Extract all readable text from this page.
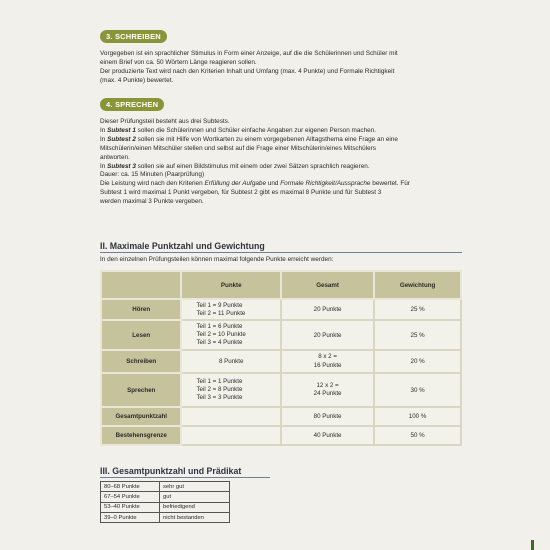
3. SCHREIBEN
Vorgegeben ist ein sprachlicher Stimulus in Form einer Anzeige, auf die die Schülerinnen und Schüler mit
einem Brief von ca. 50 Wörtern Länge reagieren sollen.
Der produzierte Text wird nach den Kriterien Inhalt und Umfang (max. 4 Punkte) und Formale Richtigkeit
(max. 4 Punkte) bewertet.
4. SPRECHEN
Dieser Prüfungsteil besteht aus drei Subtests.
In Subtest 1 sollen die Schülerinnen und Schüler einfache Angaben zur eigenen Person machen.
In Subtest 2 sollen sie mit Hilfe von Wortkarten zu einem vorgegebenen Alltagsthema eine Frage an eine
Mitschülerin/einen Mitschüler stellen und selbst auf die Frage einer Mitschülerin/eines Mitschülers
antworten.
In Subtest 3 sollen sie auf einen Bildstimulus mit einem oder zwei Sätzen sprachlich reagieren.
Dauer: ca. 15 Minuten (Paarprüfung)
Die Leistung wird nach den Kriterien Erfüllung der Aufgabe und Formale Richtigkeit/Aussprache bewertet. Für
Subtest 1 wird maximal 1 Punkt vergeben, für Subtest 2 gibt es maximal 8 Punkte und für Subtest 3
werden maximal 3 Punkte vergeben.
II. Maximale Punktzahl und Gewichtung
In den einzelnen Prüfungsteilen können maximal folgende Punkte erreicht werden:
	Punkte	Gesamt	Gewichtung
Hören	Teil 1 = 9 Punkte
Teil 2 = 11 Punkte	20 Punkte	25 %
Lesen	Teil 1 = 6 Punkte
Teil 2 = 10 Punkte
Teil 3 = 4 Punkte	20 Punkte	25 %
Schreiben	8 Punkte	8 x 2 =
16 Punkte	20 %
Sprechen	Teil 1 = 1 Punkte
Teil 2 = 8 Punkte
Teil 3 = 3 Punkte	12 x 2 =
24 Punkte	30 %
Gesamtpunktzahl		80 Punkte	100 %
Bestehensgrenze		40 Punkte	50 %
III. Gesamtpunktzahl und Prädikat
80–68 Punkte	sehr gut
67–54 Punkte	gut
53–40 Punkte	befriedigend
39–0 Punkte	nicht bestanden
